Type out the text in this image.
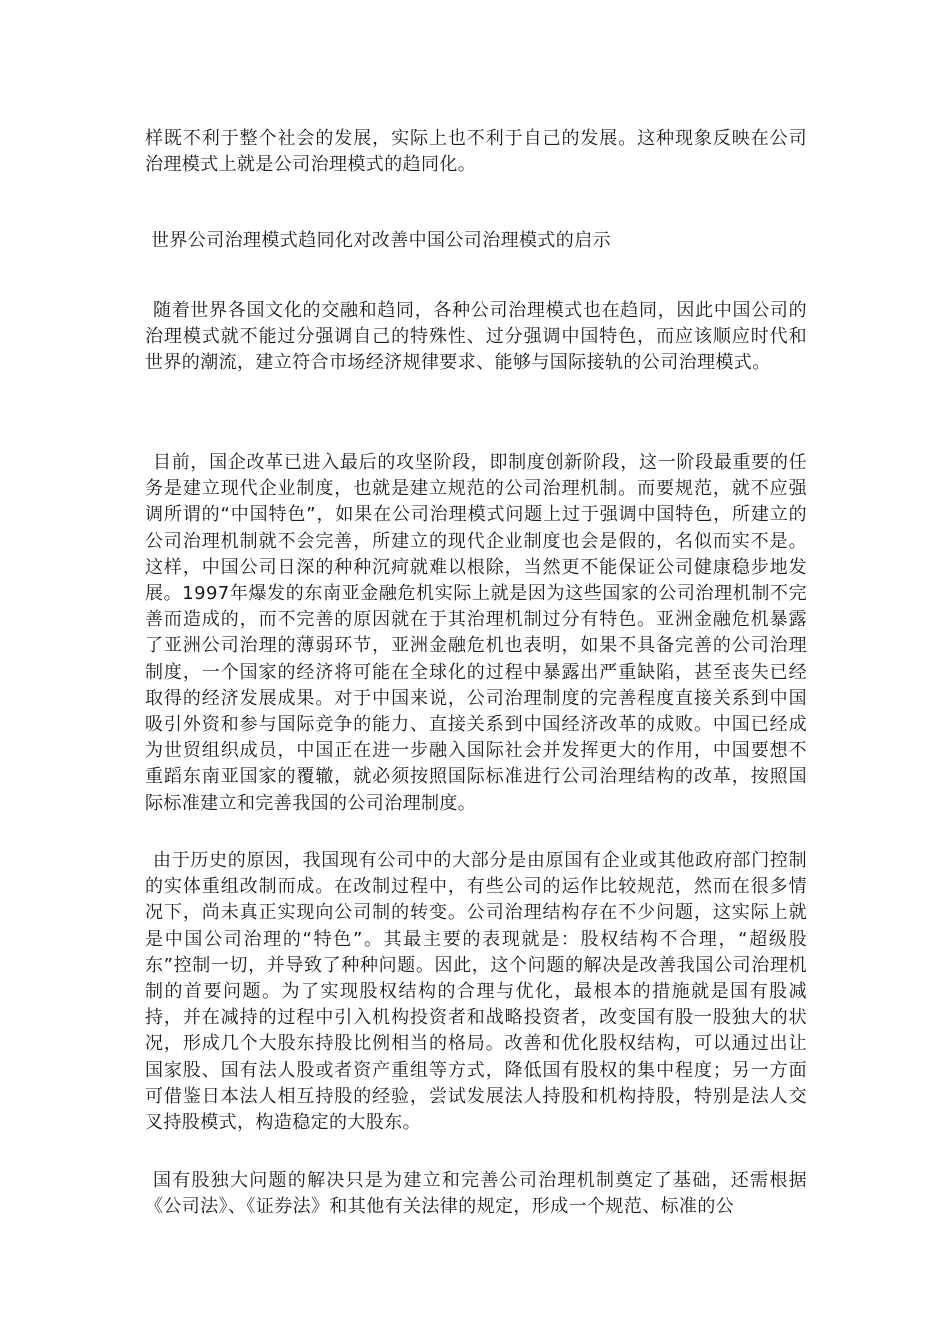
样既不利于整个社会的发展，实际上也不利于自己的发展。这种现象反映在公司治理模式上就是公司治理模式的趋同化。

世界公司治理模式趋同化对改善中国公司治理模式的启示

随着世界各国文化的交融和趋同，各种公司治理模式也在趋同，因此中国公司的治理模式就不能过分强调自己的特殊性、过分强调中国特色，而应该顺应时代和世界的潮流，建立符合市场经济规律要求、能够与国际接轨的公司治理模式。

目前，国企改革已进入最后的攻坚阶段，即制度创新阶段，这一阶段最重要的任务是建立现代企业制度，也就是建立规范的公司治理机制。而要规范，就不应强调所谓的“中国特色”，如果在公司治理模式问题上过于强调中国特色，所建立的公司治理机制就不会完善，所建立的现代企业制度也会是假的，名似而实不是。这样，中国公司日深的种种沉疴就难以根除，当然更不能保证公司健康稳步地发展。1997年爆发的东南亚金融危机实际上就是因为这些国家的公司治理机制不完善而造成的，而不完善的原因就在于其治理机制过分有特色。亚洲金融危机暴露了亚洲公司治理的薄弱环节，亚洲金融危机也表明，如果不具备完善的公司治理制度，一个国家的经济将可能在全球化的过程中暴露出严重缺陷，甚至丧失已经取得的经济发展成果。对于中国来说，公司治理制度的完善程度直接关系到中国吸引外资和参与国际竞争的能力、直接关系到中国经济改革的成败。中国已经成为世贸组织成员，中国正在进一步融入国际社会并发挥更大的作用，中国要想不重蹈东南亚国家的覆辙，就必须按照国际标准进行公司治理结构的改革，按照国际标准建立和完善我国的公司治理制度。

由于历史的原因，我国现有公司中的大部分是由原国有企业或其他政府部门控制的实体重组改制而成。在改制过程中，有些公司的运作比较规范，然而在很多情况下，尚未真正实现向公司制的转变。公司治理结构存在不少问题，这实际上就是中国公司治理的“特色”。其最主要的表现就是：股权结构不合理，“超级股东”控制一切，并导致了种种问题。因此，这个问题的解决是改善我国公司治理机制的首要问题。为了实现股权结构的合理与优化，最根本的措施就是国有股减持，并在减持的过程中引入机构投资者和战略投资者，改变国有股一股独大的状况，形成几个大股东持股比例相当的格局。改善和优化股权结构，可以通过出让国家股、国有法人股或者资产重组等方式，降低国有股权的集中程度；另一方面可借鉴日本法人相互持股的经验，尝试发展法人持股和机构持股，特别是法人交叉持股模式，构造稳定的大股东。

国有股独大问题的解决只是为建立和完善公司治理机制奠定了基础，还需根据《公司法》、《证券法》和其他有关法律的规定，形成一个规范、标准的公
